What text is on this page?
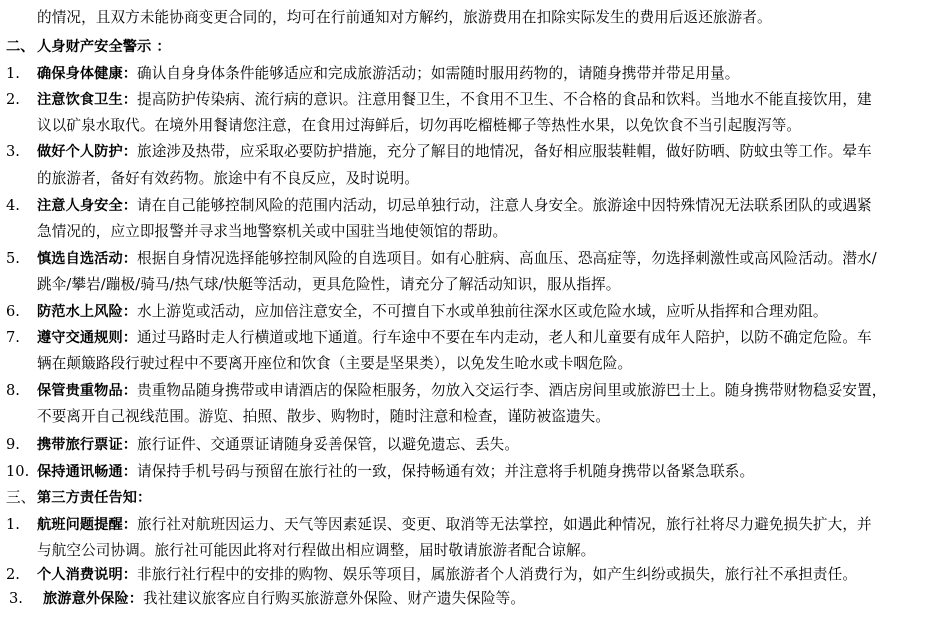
的情况，且双方未能协商变更合同的，均可在行前通知对方解约，旅游费用在扣除实际发生的费用后返还旅游者。
二、 人身财产安全警示 ：
1. 确保身体健康：确认自身身体条件能够适应和完成旅游活动；如需随时服用药物的，请随身携带并带足用量。
2. 注意饮食卫生：提高防护传染病、流行病的意识。注意用餐卫生，不食用不卫生、不合格的食品和饮料。当地水不能直接饮用，建
议以矿泉水取代。在境外用餐请您注意，在食用过海鲜后，切勿再吃榴梿椰子等热性水果，以免饮食不当引起腹泻等。
3. 做好个人防护：旅途涉及热带，应采取必要防护措施，充分了解目的地情况，备好相应服装鞋帽，做好防晒、防蚊虫等工作。晕车
的旅游者，备好有效药物。旅途中有不良反应，及时说明。
4. 注意人身安全：请在自己能够控制风险的范围内活动，切忌单独行动，注意人身安全。旅游途中因特殊情况无法联系团队的或遇紧
急情况的，应立即报警并寻求当地警察机关或中国驻当地使领馆的帮助。
5. 慎选自选活动：根据自身情况选择能够控制风险的自选项目。如有心脏病、高血压、恐高症等，勿选择刺激性或高风险活动。潜水/
跳伞/攀岩/蹦极/骑马/热气球/快艇等活动，更具危险性，请充分了解活动知识，服从指挥。
6. 防范水上风险：水上游览或活动，应加倍注意安全，不可擅自下水或单独前往深水区或危险水域，应听从指挥和合理劝阻。
7. 遵守交通规则：通过马路时走人行横道或地下通道。行车途中不要在车内走动，老人和儿童要有成年人陪护，以防不确定危险。车
辆在颠簸路段行驶过程中不要离开座位和饮食（主要是坚果类），以免发生呛水或卡咽危险。
8. 保管贵重物品：贵重物品随身携带或申请酒店的保险柜服务，勿放入交运行李、酒店房间里或旅游巴士上。随身携带财物稳妥安置，
不要离开自己视线范围。游览、拍照、散步、购物时，随时注意和检查，谨防被盗遗失。
9. 携带旅行票证：旅行证件、交通票证请随身妥善保管，以避免遗忘、丢失。
10. 保持通讯畅通：请保持手机号码与预留在旅行社的一致，保持畅通有效；并注意将手机随身携带以备紧急联系。
三、 第三方责任告知：
1. 航班问题提醒：旅行社对航班因运力、天气等因素延误、变更、取消等无法掌控，如遇此种情况，旅行社将尽力避免损失扩大，并
与航空公司协调。旅行社可能因此将对行程做出相应调整，届时敬请旅游者配合谅解。
2. 个人消费说明：非旅行社行程中的安排的购物、娱乐等项目，属旅游者个人消费行为，如产生纠纷或损失，旅行社不承担责任。
3. 旅游意外保险：我社建议旅客应自行购买旅游意外保险、财产遗失保险等。
